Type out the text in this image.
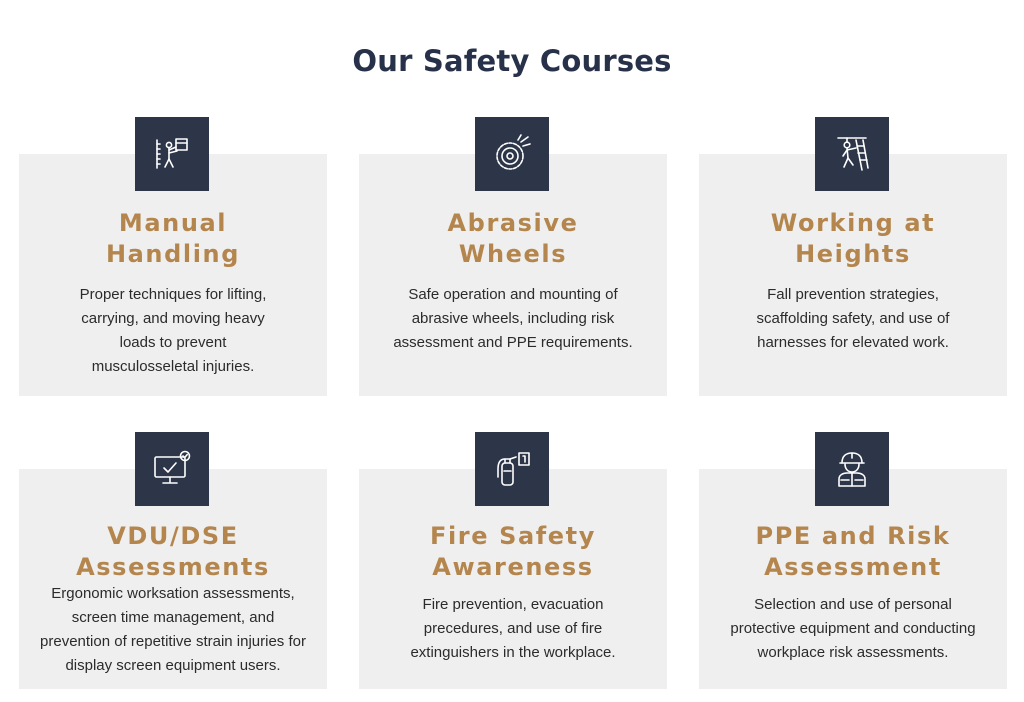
Our Safety Courses
Manual
Handling

Proper techniques for lifting,
carrying, and moving heavy
loads to prevent
musculosseletal injuries.

Abrasive
Wheels

Safe operation and mounting of
abrasive wheels, including risk
assessment and PPE requirements.

Working at
Heights

Fall prevention strategies,
scaffolding safety, and use of
harnesses for elevated work.

VDU/DSE
Assessments

Ergonomic worksation assessments,
screen time management, and
prevention of repetitive strain injuries for
display screen equipment users.

Fire Safety
Awareness

Fire prevention, evacuation
precedures, and use of fire
extinguishers in the workplace.

PPE and Risk
Assessment

Selection and use of personal
protective equipment and conducting
workplace risk assessments.
